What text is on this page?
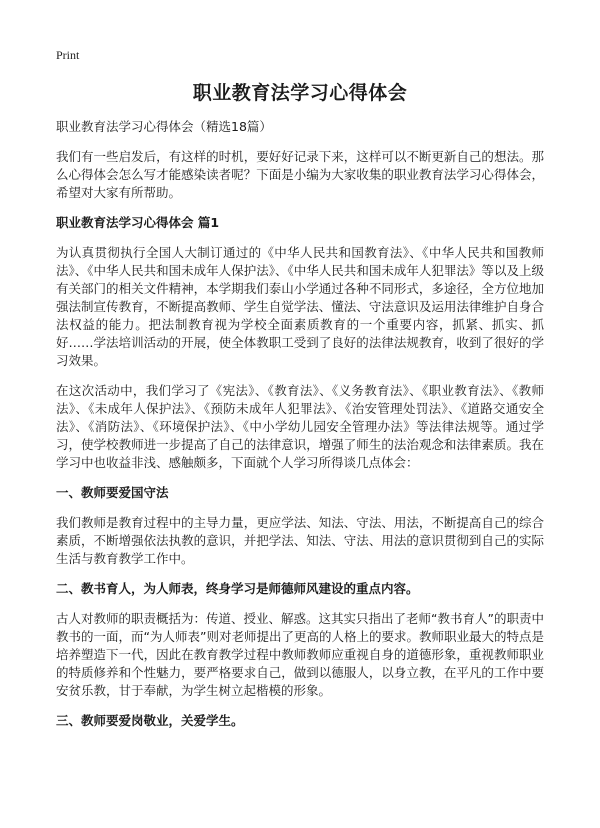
Print
职业教育法学习心得体会
职业教育法学习心得体会（精选18篇）

我们有一些启发后，有这样的时机，要好好记录下来，这样可以不断更新自己的想法。那么心得体会怎么写才能感染读者呢？下面是小编为大家收集的职业教育法学习心得体会，希望对大家有所帮助。

职业教育法学习心得体会 篇1

为认真贯彻执行全国人大制订通过的《中华人民共和国教育法》、《中华人民共和国教师法》、《中华人民共和国未成年人保护法》、《中华人民共和国未成年人犯罪法》等以及上级有关部门的相关文件精神，本学期我们泰山小学通过各种不同形式，多途径，全方位地加强法制宣传教育，不断提高教师、学生自觉学法、懂法、守法意识及运用法律维护自身合法权益的能力。把法制教育视为学校全面素质教育的一个重要内容，抓紧、抓实、抓好……学法培训活动的开展，使全体教职工受到了良好的法律法规教育，收到了很好的学习效果。

在这次活动中，我们学习了《宪法》、《教育法》、《义务教育法》、《职业教育法》、《教师法》、《未成年人保护法》、《预防未成年人犯罪法》、《治安管理处罚法》、《道路交通安全法》、《消防法》、《环境保护法》、《中小学幼儿园安全管理办法》等法律法规等。通过学习，使学校教师进一步提高了自己的法律意识，增强了师生的法治观念和法律素质。我在学习中也收益非浅、感触颇多，下面就个人学习所得谈几点体会：

一、教师要爱国守法

我们教师是教育过程中的主导力量，更应学法、知法、守法、用法，不断提高自己的综合素质，不断增强依法执教的意识，并把学法、知法、守法、用法的意识贯彻到自己的实际生活与教育教学工作中。

二、教书育人，为人师表，终身学习是师德师风建设的重点内容。

古人对教师的职责概括为：传道、授业、解惑。这其实只指出了老师“教书育人”的职责中教书的一面，而“为人师表”则对老师提出了更高的人格上的要求。教师职业最大的特点是培养塑造下一代，因此在教育教学过程中教师教师应重视自身的道德形象，重视教师职业的特质修养和个性魅力，要严格要求自己，做到以德服人，以身立教，在平凡的工作中要安贫乐教，甘于奉献，为学生树立起楷模的形象。

三、教师要爱岗敬业，关爱学生。
